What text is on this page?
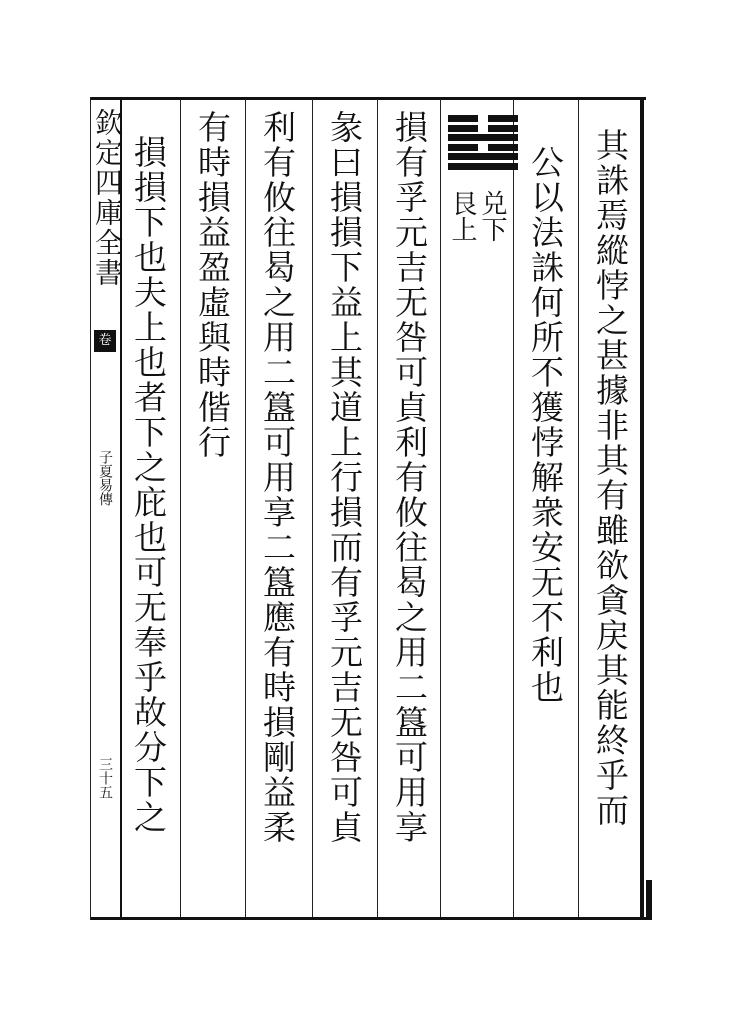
欽定四庫全書
卷
子夏易傳
三十五
兑下
艮上	其誅焉縱悖之甚據非其有雖欲貪戻其能終乎而
公以法誅何所不獲悖解衆安无不利也
損有孚元吉无咎可貞利有攸往曷之用二簋可用享
彖曰損損下益上其道上行損而有孚元吉无咎可貞
利有攸往曷之用二簋可用享二簋應有時損剛益柔
有時損益盈虛與時偕行
損損下也夫上也者下之庇也可无奉乎故分下之
